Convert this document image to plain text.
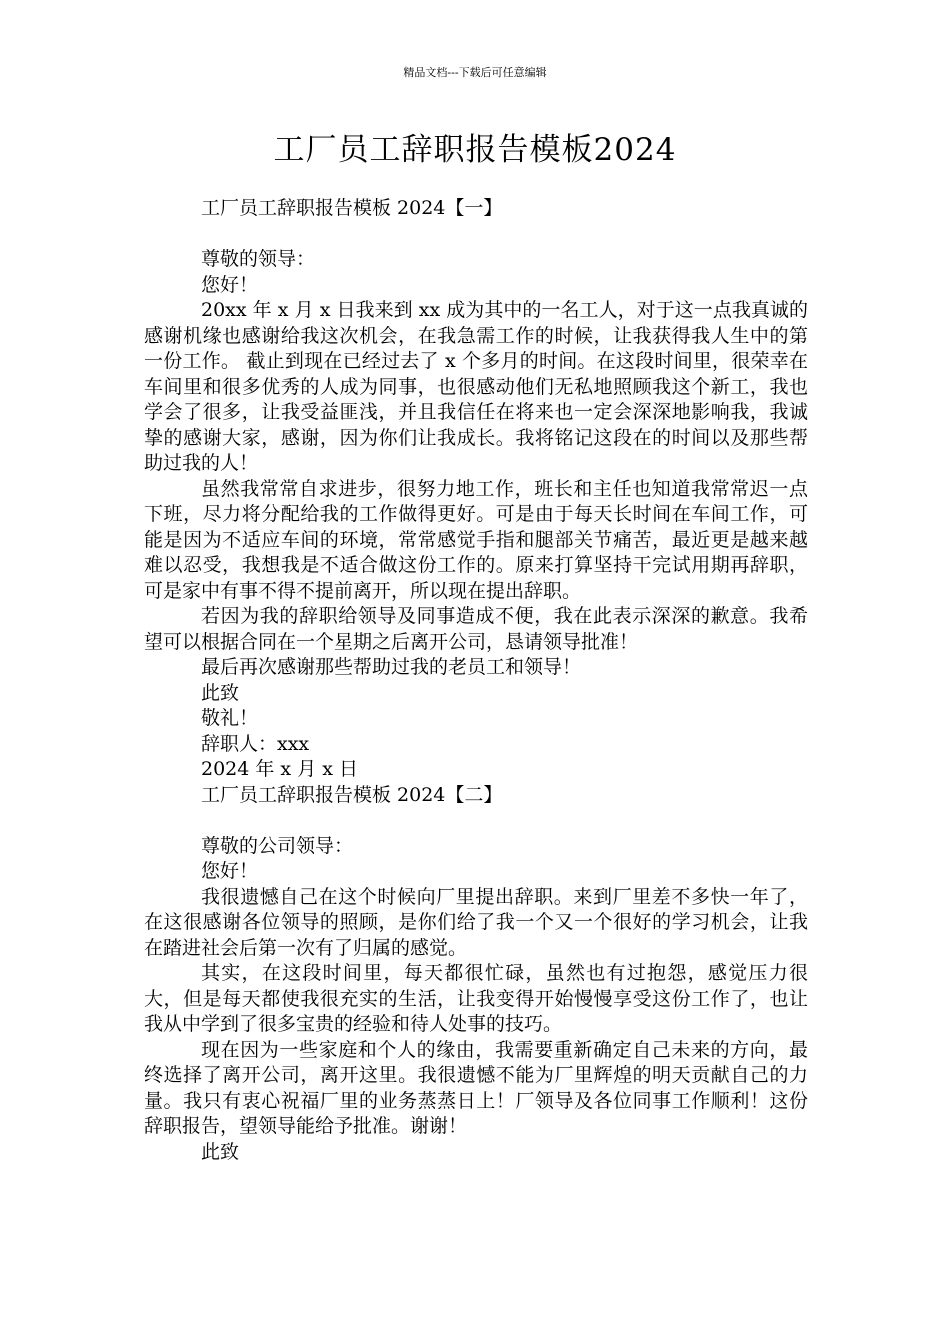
精品文档---下载后可任意编辑
工厂员工辞职报告模板2024
工厂员工辞职报告模板 2024【一】
尊敬的领导：
您好！
20xx 年 x 月 x 日我来到 xx 成为其中的一名工人，对于这一点我真诚的感谢机缘也感谢给我这次机会，在我急需工作的时候，让我获得我人生中的第一份工作。 截止到现在已经过去了 x 个多月的时间。在这段时间里，很荣幸在车间里和很多优秀的人成为同事，也很感动他们无私地照顾我这个新工，我也学会了很多，让我受益匪浅，并且我信任在将来也一定会深深地影响我，我诚挚的感谢大家，感谢，因为你们让我成长。我将铭记这段在的时间以及那些帮助过我的人！
虽然我常常自求进步，很努力地工作，班长和主任也知道我常常迟一点下班，尽力将分配给我的工作做得更好。可是由于每天长时间在车间工作，可能是因为不适应车间的环境，常常感觉手指和腿部关节痛苦，最近更是越来越难以忍受，我想我是不适合做这份工作的。原来打算坚持干完试用期再辞职，可是家中有事不得不提前离开，所以现在提出辞职。
若因为我的辞职给领导及同事造成不便，我在此表示深深的歉意。我希望可以根据合同在一个星期之后离开公司，恳请领导批准！
最后再次感谢那些帮助过我的老员工和领导！
此致
敬礼！
辞职人：xxx
2024 年 x 月 x 日
工厂员工辞职报告模板 2024【二】
尊敬的公司领导：
您好！
我很遗憾自己在这个时候向厂里提出辞职。来到厂里差不多快一年了，在这很感谢各位领导的照顾，是你们给了我一个又一个很好的学习机会，让我在踏进社会后第一次有了归属的感觉。
其实，在这段时间里，每天都很忙碌，虽然也有过抱怨，感觉压力很大，但是每天都使我很充实的生活，让我变得开始慢慢享受这份工作了，也让我从中学到了很多宝贵的经验和待人处事的技巧。
现在因为一些家庭和个人的缘由，我需要重新确定自己未来的方向，最终选择了离开公司，离开这里。我很遗憾不能为厂里辉煌的明天贡献自己的力量。我只有衷心祝福厂里的业务蒸蒸日上！厂领导及各位同事工作顺利！这份辞职报告，望领导能给予批准。谢谢！
此致
